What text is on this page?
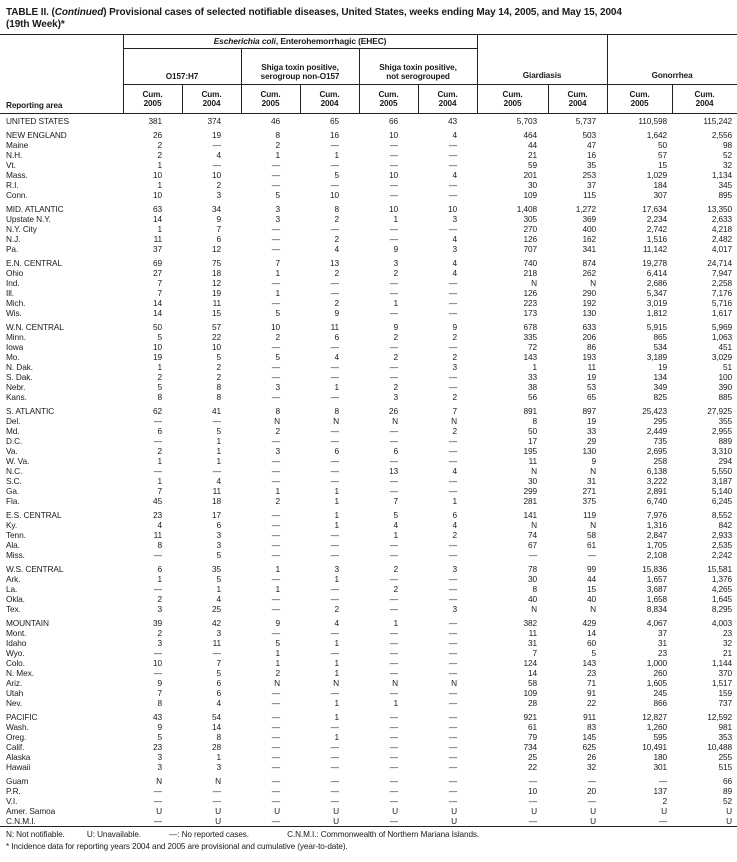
TABLE II. (Continued) Provisional cases of selected notifiable diseases, United States, weeks ending May 14, 2005, and May 15, 2004
(19th Week)*
Reporting area	Escherichia coli, Enterohemorrhagic (EHEC)						Giardiasis		Gonorrhea	
O157:H7	
Shiga toxin positive,
serogroup non-O157

Shiga toxin positive,
not serogrouped

Cum.
2005

Cum.
2004

Cum.
2005

Cum.
2004

Cum.
2005

Cum.
2004

Cum.
2005

Cum.
2004

Cum.
2005

Cum.
2004

UNITED STATES	381	374	46	65	66	43	5,703	5,737	110,598	115,242

NEW ENGLAND	26	19	8	16	10	4	464	503	1,642	2,556
Maine	2	—	2	—	—	—	44	47	50	98
N.H.	2	4	1	1	—	—	21	16	57	52
Vt.	1	—	—	—	—	—	59	35	15	32
Mass.	10	10	—	5	10	4	201	253	1,029	1,134
R.I.	1	2	—	—	—	—	30	37	184	345
Conn.	10	3	5	10	—	—	109	115	307	895

MID. ATLANTIC	63	34	3	8	10	10	1,408	1,272	17,634	13,350
Upstate N.Y.	14	9	3	2	1	3	305	369	2,234	2,633
N.Y. City	1	7	—	—	—	—	270	400	2,742	4,218
N.J.	11	6	—	2	—	4	126	162	1,516	2,482
Pa.	37	12	—	4	9	3	707	341	11,142	4,017

E.N. CENTRAL	69	75	7	13	3	4	740	874	19,278	24,714
Ohio	27	18	1	2	2	4	218	262	6,414	7,947
Ind.	7	12	—	—	—	—	N	N	2,686	2,258
Ill.	7	19	1	—	—	—	126	290	5,347	7,176
Mich.	14	11	—	2	1	—	223	192	3,019	5,716
Wis.	14	15	5	9	—	—	173	130	1,812	1,617

W.N. CENTRAL	50	57	10	11	9	9	678	633	5,915	5,969
Minn.	5	22	2	6	2	2	335	206	865	1,063
Iowa	10	10	—	—	—	—	72	86	534	451
Mo.	19	5	5	4	2	2	143	193	3,189	3,029
N. Dak.	1	2	—	—	—	3	1	11	19	51
S. Dak.	2	2	—	—	—	—	33	19	134	100
Nebr.	5	8	3	1	2	—	38	53	349	390
Kans.	8	8	—	—	3	2	56	65	825	885

S. ATLANTIC	62	41	8	8	26	7	891	897	25,423	27,925
Del.	—	—	N	N	N	N	8	19	295	355
Md.	6	5	2	—	—	2	50	33	2,449	2,955
D.C.	—	1	—	—	—	—	17	29	735	889
Va.	2	1	3	6	6	—	195	130	2,695	3,310
W. Va.	1	1	—	—	—	—	11	9	258	294
N.C.	—	—	—	—	13	4	N	N	6,138	5,550
S.C.	1	4	—	—	—	—	30	31	3,222	3,187
Ga.	7	11	1	1	—	—	299	271	2,891	5,140
Fla.	45	18	2	1	7	1	281	375	6,740	6,245

E.S. CENTRAL	23	17	—	1	5	6	141	119	7,976	8,552
Ky.	4	6	—	1	4	4	N	N	1,316	842
Tenn.	11	3	—	—	1	2	74	58	2,847	2,933
Ala.	8	3	—	—	—	—	67	61	1,705	2,535
Miss.	—	5	—	—	—	—	—	—	2,108	2,242

W.S. CENTRAL	6	35	1	3	2	3	78	99	15,836	15,581
Ark.	1	5	—	1	—	—	30	44	1,657	1,376
La.	—	1	1	—	2	—	8	15	3,687	4,265
Okla.	2	4	—	—	—	—	40	40	1,658	1,645
Tex.	3	25	—	2	—	3	N	N	8,834	8,295

MOUNTAIN	39	42	9	4	1	—	382	429	4,067	4,003
Mont.	2	3	—	—	—	—	11	14	37	23
Idaho	3	11	5	1	—	—	31	60	31	32
Wyo.	—	—	1	—	—	—	7	5	23	21
Colo.	10	7	1	1	—	—	124	143	1,000	1,144
N. Mex.	—	5	2	1	—	—	14	23	260	370
Ariz.	9	6	N	N	N	N	58	71	1,605	1,517
Utah	7	6	—	—	—	—	109	91	245	159
Nev.	8	4	—	1	1	—	28	22	866	737

PACIFIC	43	54	—	1	—	—	921	911	12,827	12,592
Wash.	9	14	—	—	—	—	61	83	1,260	981
Oreg.	5	8	—	1	—	—	79	145	595	353
Calif.	23	28	—	—	—	—	734	625	10,491	10,488
Alaska	3	1	—	—	—	—	25	26	180	255
Hawaii	3	3	—	—	—	—	22	32	301	515

Guam	N	N	—	—	—	—	—	—	—	66
P.R.	—	—	—	—	—	—	10	20	137	89
V.I.	—	—	—	—	—	—	—	—	2	52
Amer. Samoa	U	U	U	U	U	U	U	U	U	U
C.N.M.I.	—	U	—	U	—	U	—	U	—	U

N: Not notifiable.	U: Unavailable.	—: No reported cases.	C.N.M.I.: Commonwealth of Northern Mariana Islands.
* Incidence data for reporting years 2004 and 2005 are provisional and cumulative (year-to-date).
